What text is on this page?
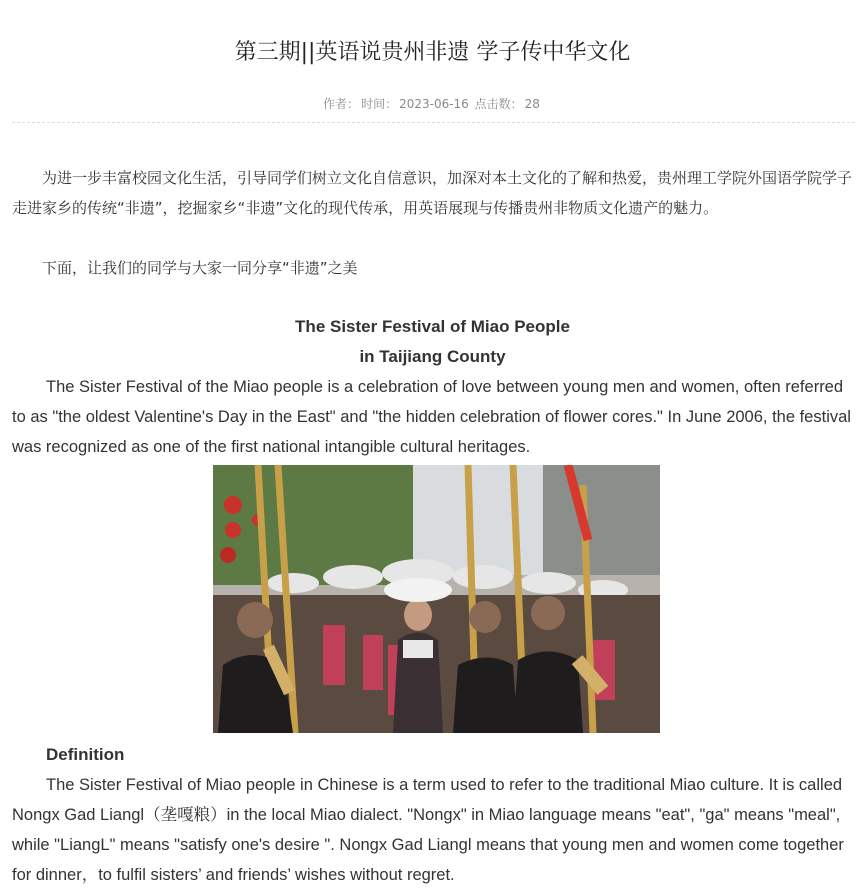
第三期||英语说贵州非遗 学子传中华文化
作者： 时间： 2023-06-16 点击数： 28

为进一步丰富校园文化生活，引导同学们树立文化自信意识，加深对本土文化的了解和热爱，贵州理工学院外国语学院学子走进家乡的传统“非遗”，挖掘家乡“非遗”文化的现代传承，用英语展现与传播贵州非物质文化遗产的魅力。

下面，让我们的同学与大家一同分享“非遗”之美

The Sister Festival of Miao People

in Taijiang County

The Sister Festival of the Miao people is a celebration of love between young men and women, often referred to as "the oldest Valentine's Day in the East" and "the hidden celebration of flower cores." In June 2006, the festival was recognized as one of the first national intangible cultural heritages.

Definition

The Sister Festival of Miao people in Chinese is a term used to refer to the traditional Miao culture. It is called Nongx Gad Liangl（垄嘎粮）in the local Miao dialect. "Nongx" in Miao language means "eat", "ga" means "meal", while "LiangL" means "satisfy one's desire ". Nongx Gad Liangl means that young men and women come together for dinner，to fulfil sisters’ and friends’ wishes without regret.
